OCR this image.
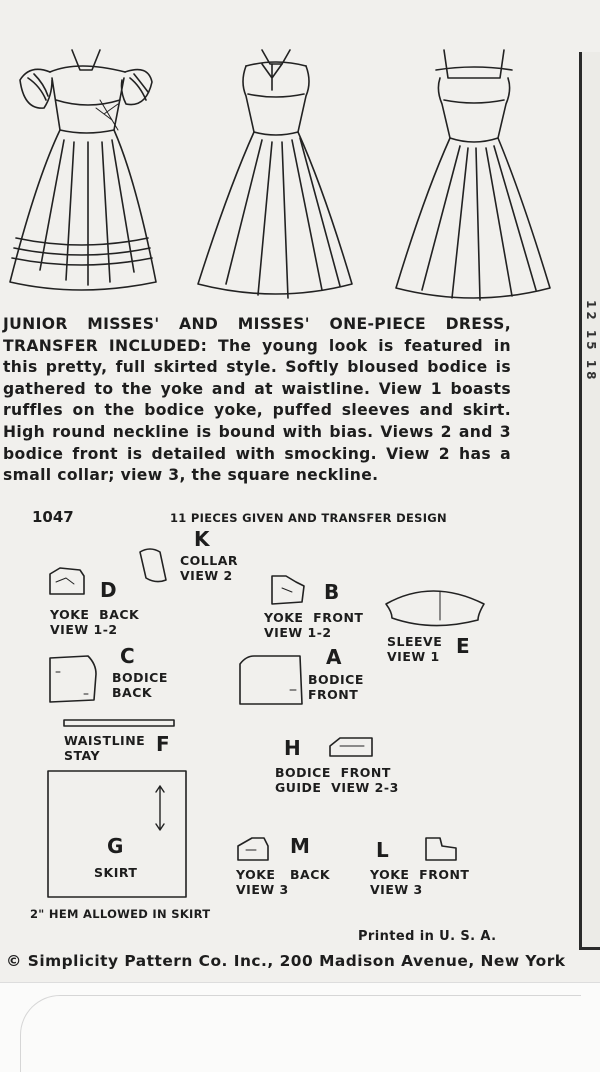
12 15 18
JUNIOR MISSES' AND MISSES' ONE-PIECE DRESS, TRANSFER INCLUDED: The young look is featured in this pretty, full skirted style. Softly bloused bodice is gathered to the yoke and at waistline. View 1 boasts ruffles on the bodice yoke, puffed sleeves and skirt. High round neckline is bound with bias. Views 2 and 3 bodice front is detailed with smocking. View 2 has a small collar; view 3, the square neckline.
1047	11 PIECES GIVEN AND TRANSFER DESIGN
K
COLLAR
VIEW 2
D
YOKE  BACK
VIEW 1-2
B
YOKE  FRONT
VIEW 1-2
SLEEVE
VIEW 1 E
C
BODICE
BACK
A
BODICE
FRONT
WAISTLINE
STAY	F	H
BODICE  FRONT
GUIDE  VIEW 2-3
G
SKIRT
M
YOKE   BACK
VIEW 3
L
YOKE  FRONT
VIEW 3
2" HEM ALLOWED IN SKIRT
Printed in U. S. A.
© Simplicity Pattern Co. Inc., 200 Madison Avenue, New York
